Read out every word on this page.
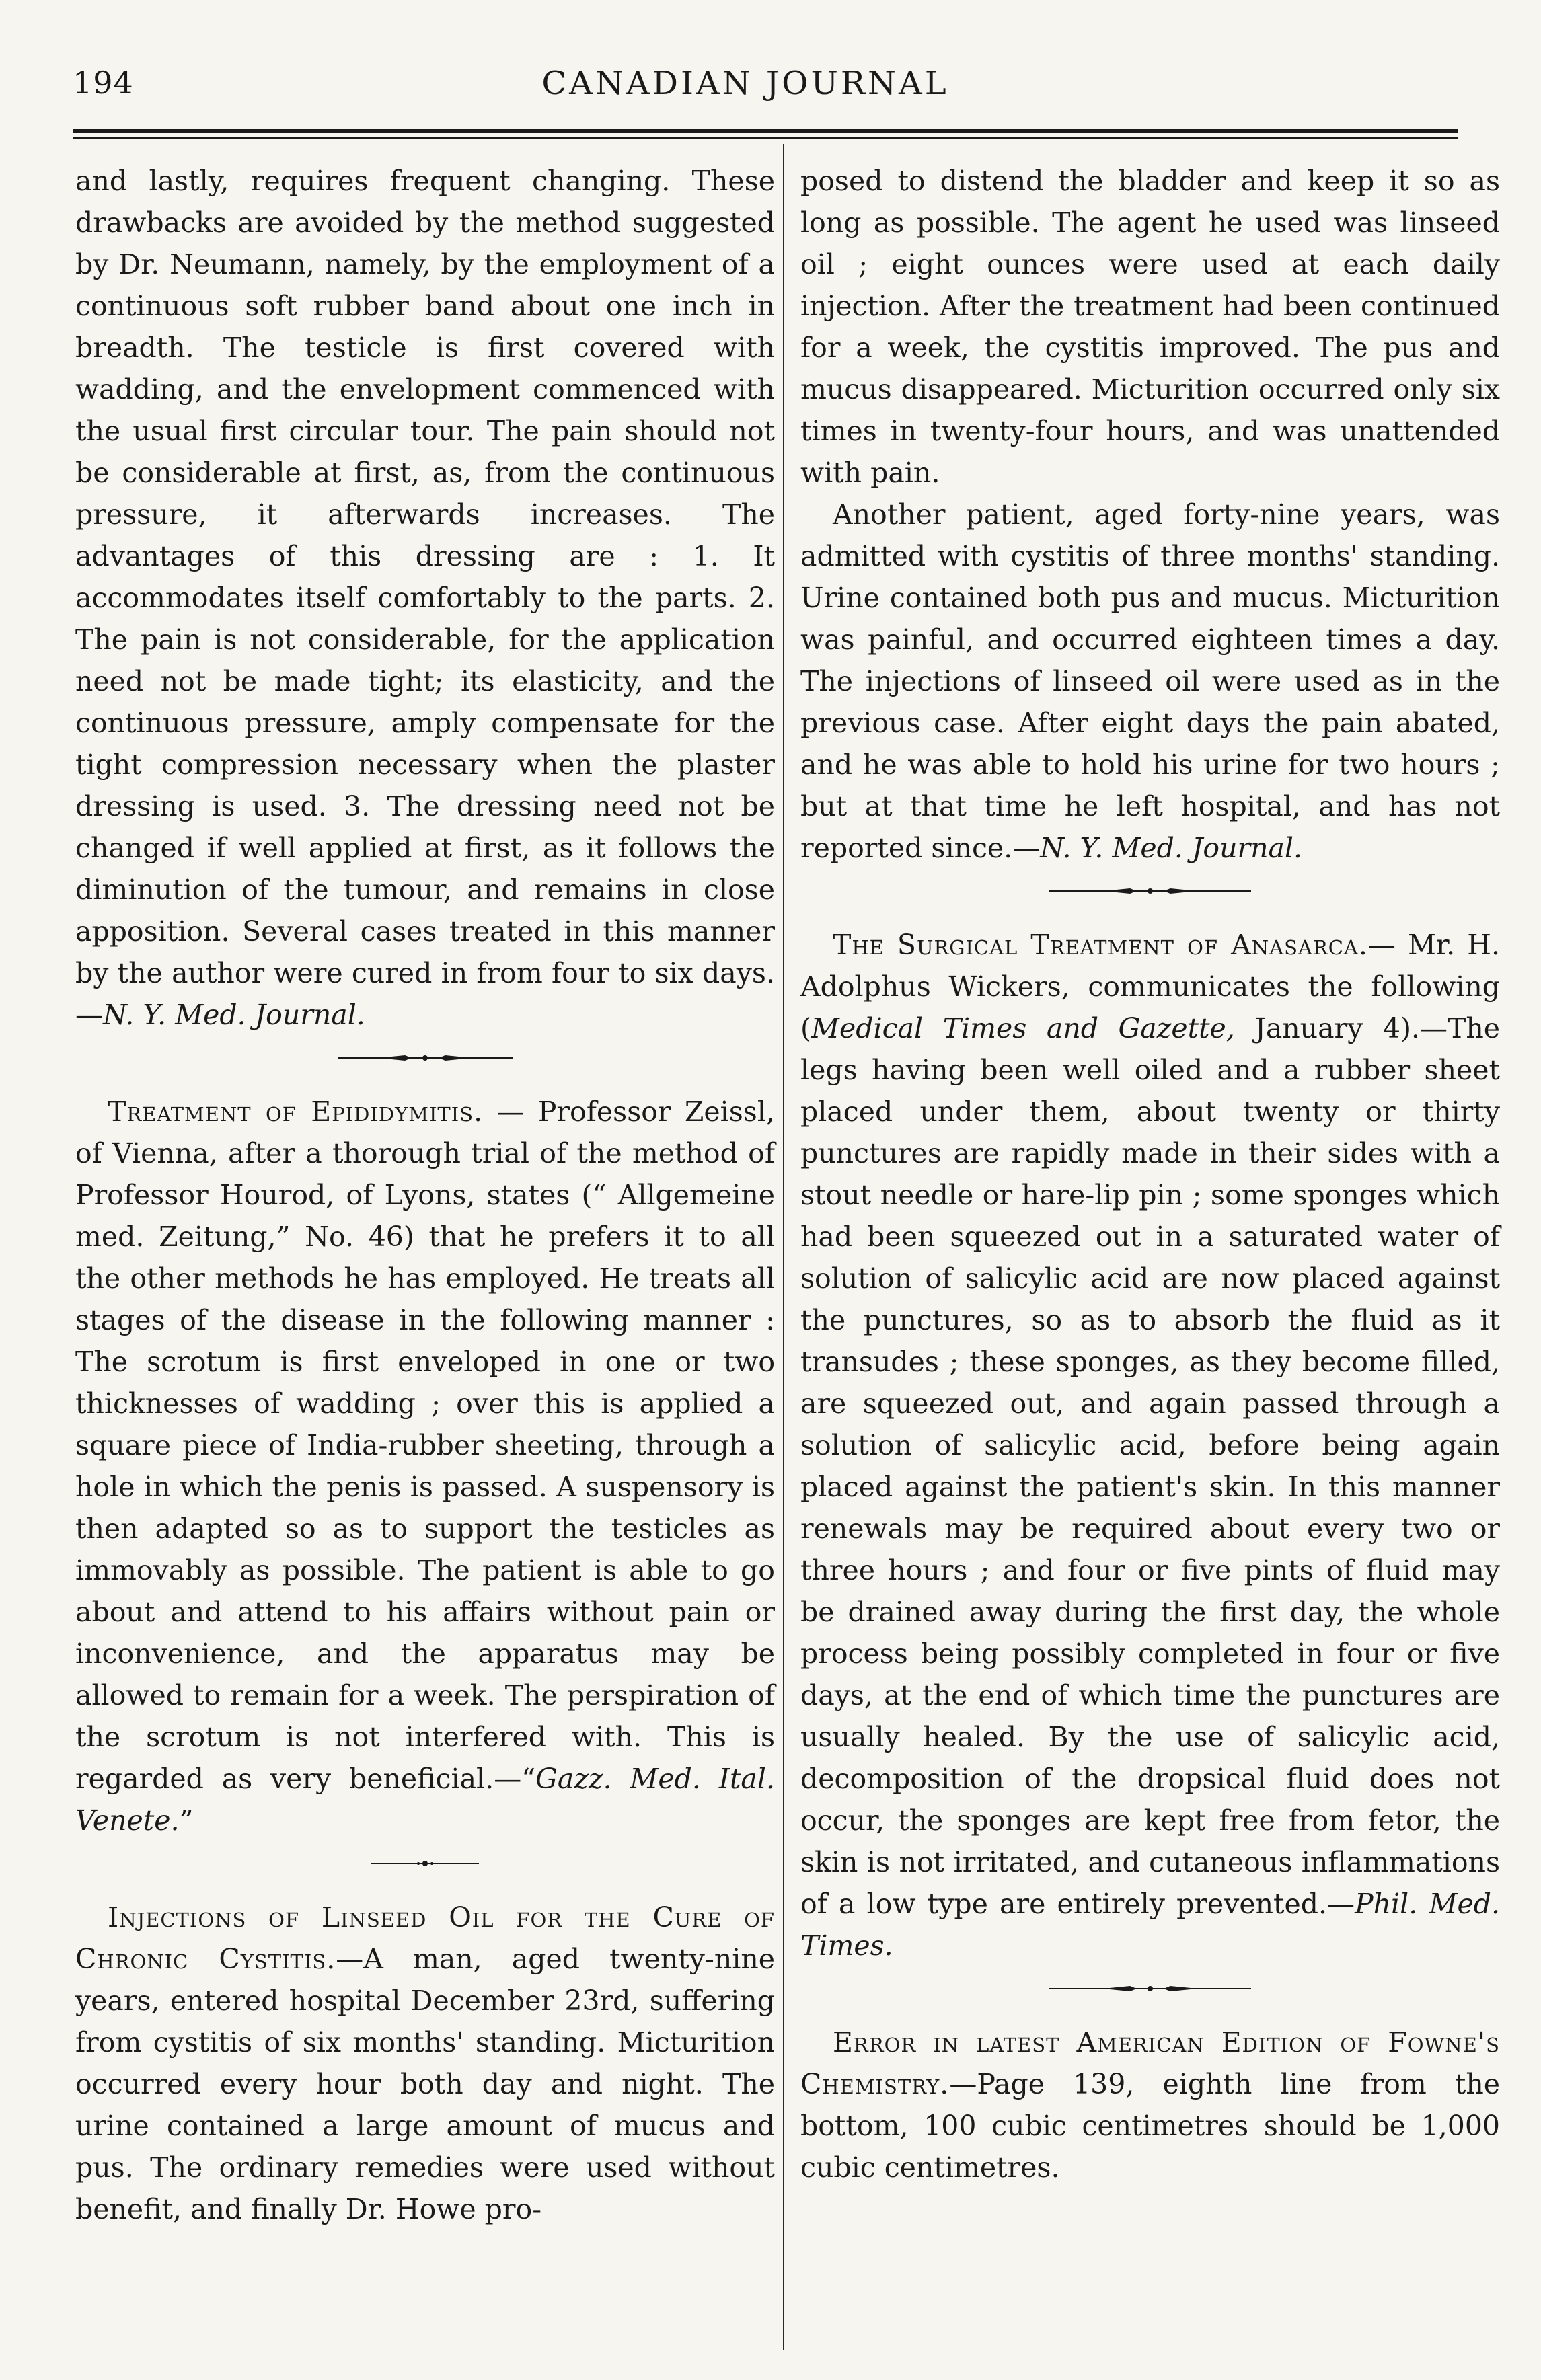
194	CANADIAN JOURNAL

and lastly, requires frequent changing. These drawbacks are avoided by the method suggested by Dr. Neumann, namely, by the employment of a continuous soft rubber band about one inch in breadth. The testicle is first covered with wadding, and the envelopment commenced with the usual first circular tour. The pain should not be considerable at first, as, from the continuous pressure, it afterwards increases. The advantages of this dressing are : 1. It accommodates itself comfortably to the parts. 2. The pain is not considerable, for the application need not be made tight; its elasticity, and the continuous pressure, amply compensate for the tight compression necessary when the plaster dressing is used. 3. The dressing need not be changed if well applied at first, as it follows the diminution of the tumour, and remains in close apposition. Several cases treated in this manner by the author were cured in from four to six days.—N. Y. Med. Journal.

Treatment of Epididymitis. — Professor Zeissl, of Vienna, after a thorough trial of the method of Professor Hourod, of Lyons, states (“ Allgemeine med. Zeitung,” No. 46) that he prefers it to all the other methods he has employed. He treats all stages of the disease in the following manner : The scrotum is first enveloped in one or two thicknesses of wadding ; over this is applied a square piece of India-rubber sheeting, through a hole in which the penis is passed. A suspensory is then adapted so as to support the testicles as immovably as possible. The patient is able to go about and attend to his affairs without pain or inconvenience, and the apparatus may be allowed to remain for a week. The perspiration of the scrotum is not interfered with. This is regarded as very beneficial.—“Gazz. Med. Ital. Venete.”

Injections of Linseed Oil for the Cure of Chronic Cystitis.—A man, aged twenty-nine years, entered hospital December 23rd, suffering from cystitis of six months' standing. Micturition occurred every hour both day and night. The urine contained a large amount of mucus and pus. The ordinary remedies were used without benefit, and finally Dr. Howe pro-

posed to distend the bladder and keep it so as long as possible. The agent he used was linseed oil ; eight ounces were used at each daily injection. After the treatment had been continued for a week, the cystitis improved. The pus and mucus disappeared. Micturition occurred only six times in twenty-four hours, and was unattended with pain.

Another patient, aged forty-nine years, was admitted with cystitis of three months' standing. Urine contained both pus and mucus. Micturition was painful, and occurred eighteen times a day. The injections of linseed oil were used as in the previous case. After eight days the pain abated, and he was able to hold his urine for two hours ; but at that time he left hospital, and has not reported since.—N. Y. Med. Journal.

The Surgical Treatment of Anasarca.— Mr. H. Adolphus Wickers, communicates the following (Medical Times and Gazette, January 4).—The legs having been well oiled and a rubber sheet placed under them, about twenty or thirty punctures are rapidly made in their sides with a stout needle or hare-lip pin ; some sponges which had been squeezed out in a saturated water of solution of salicylic acid are now placed against the punctures, so as to absorb the fluid as it transudes ; these sponges, as they become filled, are squeezed out, and again passed through a solution of salicylic acid, before being again placed against the patient's skin. In this manner renewals may be required about every two or three hours ; and four or five pints of fluid may be drained away during the first day, the whole process being possibly completed in four or five days, at the end of which time the punctures are usually healed. By the use of salicylic acid, decomposition of the dropsical fluid does not occur, the sponges are kept free from fetor, the skin is not irritated, and cutaneous inflammations of a low type are entirely prevented.—Phil. Med. Times.

Error in latest American Edition of Fowne's Chemistry.—Page 139, eighth line from the bottom, 100 cubic centimetres should be 1,000 cubic centimetres.
